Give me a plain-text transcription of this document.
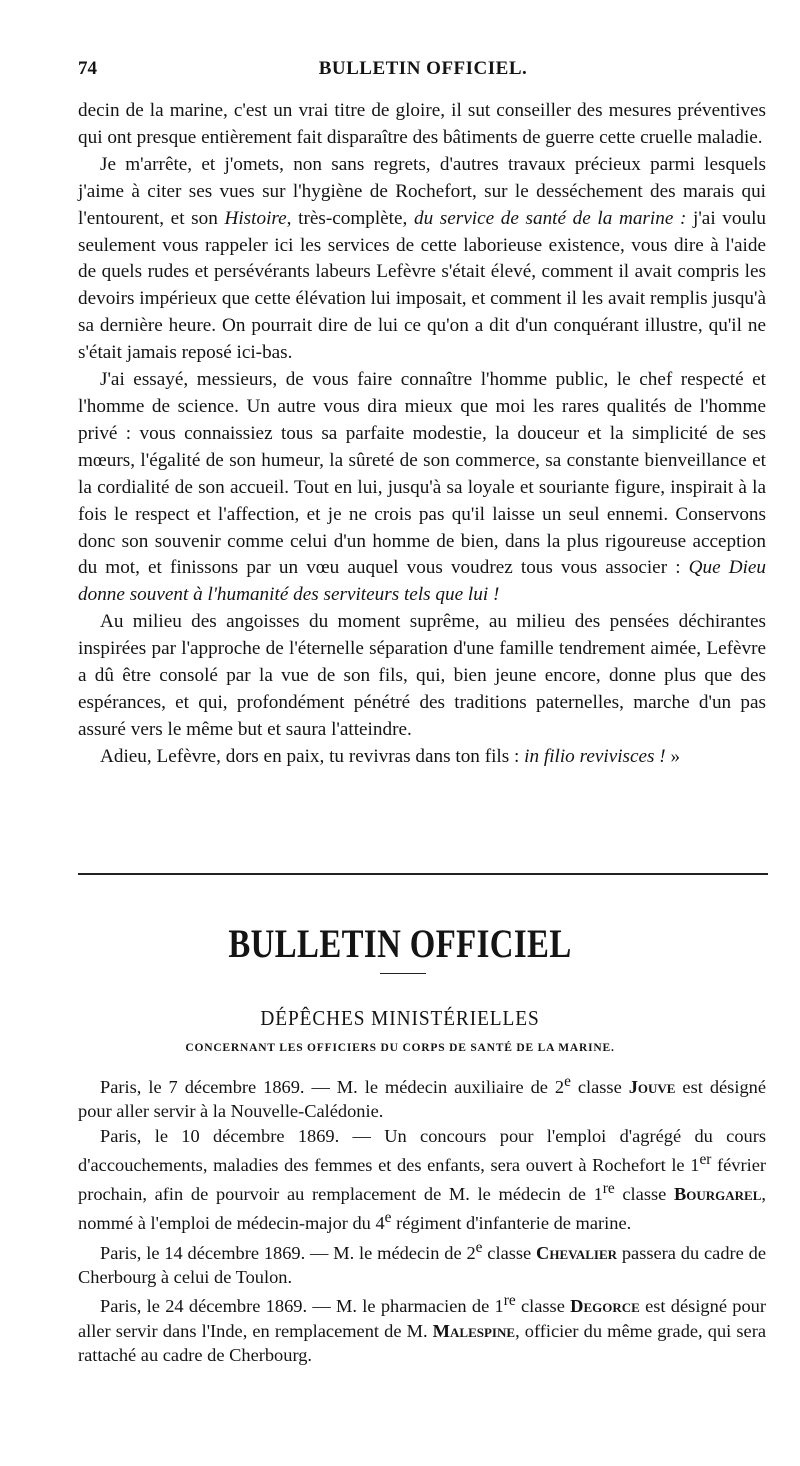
74	BULLETIN OFFICIEL.

decin de la marine, c'est un vrai titre de gloire, il sut conseiller des mesures préventives qui ont presque entièrement fait disparaître des bâtiments de guerre cette cruelle maladie.

Je m'arrête, et j'omets, non sans regrets, d'autres travaux précieux parmi lesquels j'aime à citer ses vues sur l'hygiène de Rochefort, sur le desséchement des marais qui l'entourent, et son Histoire, très-complète, du service de santé de la marine : j'ai voulu seulement vous rappeler ici les services de cette laborieuse existence, vous dire à l'aide de quels rudes et persévérants labeurs Lefèvre s'était élevé, comment il avait compris les devoirs impérieux que cette élévation lui imposait, et comment il les avait remplis jusqu'à sa dernière heure. On pourrait dire de lui ce qu'on a dit d'un conquérant illustre, qu'il ne s'était jamais reposé ici-bas.

J'ai essayé, messieurs, de vous faire connaître l'homme public, le chef respecté et l'homme de science. Un autre vous dira mieux que moi les rares qualités de l'homme privé : vous connaissiez tous sa parfaite modestie, la douceur et la simplicité de ses mœurs, l'égalité de son humeur, la sûreté de son commerce, sa constante bienveillance et la cordialité de son accueil. Tout en lui, jusqu'à sa loyale et souriante figure, inspirait à la fois le respect et l'affection, et je ne crois pas qu'il laisse un seul ennemi. Conservons donc son souvenir comme celui d'un homme de bien, dans la plus rigoureuse acception du mot, et finissons par un vœu auquel vous voudrez tous vous associer : Que Dieu donne souvent à l'humanité des serviteurs tels que lui !

Au milieu des angoisses du moment suprême, au milieu des pensées déchirantes inspirées par l'approche de l'éternelle séparation d'une famille tendrement aimée, Lefèvre a dû être consolé par la vue de son fils, qui, bien jeune encore, donne plus que des espérances, et qui, profondément pénétré des traditions paternelles, marche d'un pas assuré vers le même but et saura l'atteindre.

Adieu, Lefèvre, dors en paix, tu revivras dans ton fils : in filio revivisces ! »

BULLETIN OFFICIEL
DÉPÊCHES MINISTÉRIELLES
CONCERNANT LES OFFICIERS DU CORPS DE SANTÉ DE LA MARINE.

Paris, le 7 décembre 1869. — M. le médecin auxiliaire de 2e classe Jouve est désigné pour aller servir à la Nouvelle-Calédonie.

Paris, le 10 décembre 1869. — Un concours pour l'emploi d'agrégé du cours d'accouchements, maladies des femmes et des enfants, sera ouvert à Rochefort le 1er février prochain, afin de pourvoir au remplacement de M. le médecin de 1re classe Bourgarel, nommé à l'emploi de médecin-major du 4e régiment d'infanterie de marine.

Paris, le 14 décembre 1869. — M. le médecin de 2e classe Chevalier passera du cadre de Cherbourg à celui de Toulon.

Paris, le 24 décembre 1869. — M. le pharmacien de 1re classe Degorce est désigné pour aller servir dans l'Inde, en remplacement de M. Malespine, officier du même grade, qui sera rattaché au cadre de Cherbourg.
